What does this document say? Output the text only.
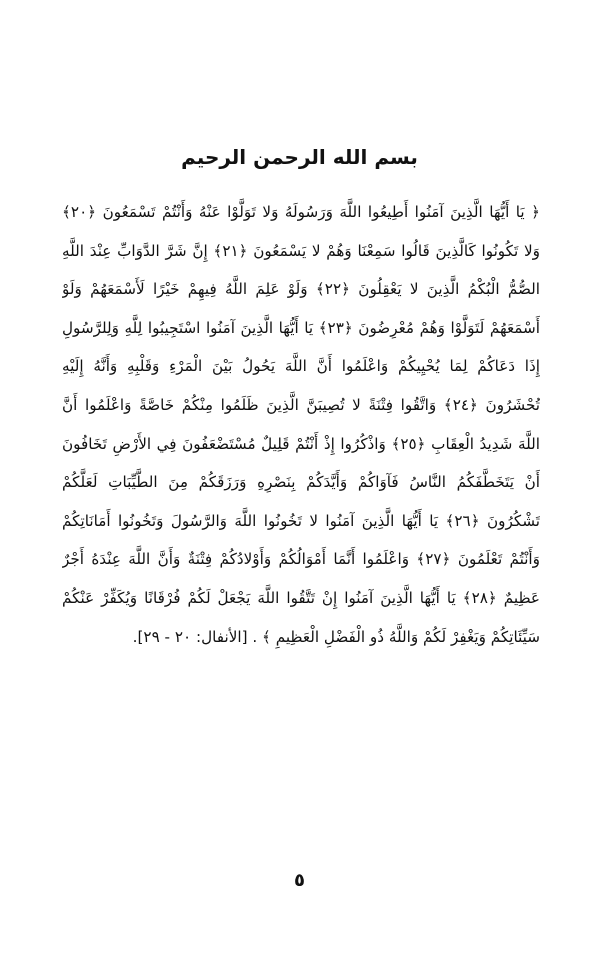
بسم الله الرحمن الرحيم
﴿ يَا أَيُّهَا الَّذِينَ آمَنُوا أَطِيعُوا اللَّهَ وَرَسُولَهُ وَلا تَوَلَّوْا عَنْهُ وَأَنْتُمْ تَسْمَعُونَ ﴿٢٠﴾
وَلا تَكُونُوا كَالَّذِينَ قَالُوا سَمِعْنَا وَهُمْ لا يَسْمَعُونَ ﴿٢١﴾ إِنَّ شَرَّ الدَّوَابِّ عِنْدَ اللَّهِ
الصُّمُّ الْبُكْمُ الَّذِينَ لا يَعْقِلُونَ ﴿٢٢﴾ وَلَوْ عَلِمَ اللَّهُ فِيهِمْ خَيْرًا لَأَسْمَعَهُمْ وَلَوْ
أَسْمَعَهُمْ لَتَوَلَّوْا وَهُمْ مُعْرِضُونَ ﴿٢٣﴾ يَا أَيُّهَا الَّذِينَ آمَنُوا اسْتَجِيبُوا لِلَّهِ وَلِلرَّسُولِ
إِذَا دَعَاكُمْ لِمَا يُحْيِيكُمْ وَاعْلَمُوا أَنَّ اللَّهَ يَحُولُ بَيْنَ الْمَرْءِ وَقَلْبِهِ وَأَنَّهُ إِلَيْهِ
تُحْشَرُونَ ﴿٢٤﴾ وَاتَّقُوا فِتْنَةً لا تُصِيبَنَّ الَّذِينَ ظَلَمُوا مِنْكُمْ خَاصَّةً وَاعْلَمُوا أَنَّ
اللَّهَ شَدِيدُ الْعِقَابِ ﴿٢٥﴾ وَاذْكُرُوا إِذْ أَنْتُمْ قَلِيلٌ مُسْتَضْعَفُونَ فِي الأَرْضِ تَخَافُونَ
أَنْ يَتَخَطَّفَكُمُ النَّاسُ فَآوَاكُمْ وَأَيَّدَكُمْ بِنَصْرِهِ وَرَزَقَكُمْ مِنَ الطَّيِّبَاتِ لَعَلَّكُمْ
تَشْكُرُونَ ﴿٢٦﴾ يَا أَيُّهَا الَّذِينَ آمَنُوا لا تَخُونُوا اللَّهَ وَالرَّسُولَ وَتَخُونُوا أَمَانَاتِكُمْ
وَأَنْتُمْ تَعْلَمُونَ ﴿٢٧﴾ وَاعْلَمُوا أَنَّمَا أَمْوَالُكُمْ وَأَوْلادُكُمْ فِتْنَةٌ وَأَنَّ اللَّهَ عِنْدَهُ أَجْرٌ
عَظِيمٌ ﴿٢٨﴾ يَا أَيُّهَا الَّذِينَ آمَنُوا إِنْ تَتَّقُوا اللَّهَ يَجْعَلْ لَكُمْ فُرْقَانًا وَيُكَفِّرْ عَنْكُمْ
سَيِّئَاتِكُمْ وَيَغْفِرْ لَكُمْ وَاللَّهُ ذُو الْفَضْلِ الْعَظِيمِ ﴾ . [الأنفال: ٢٠ - ٢٩].
٥
